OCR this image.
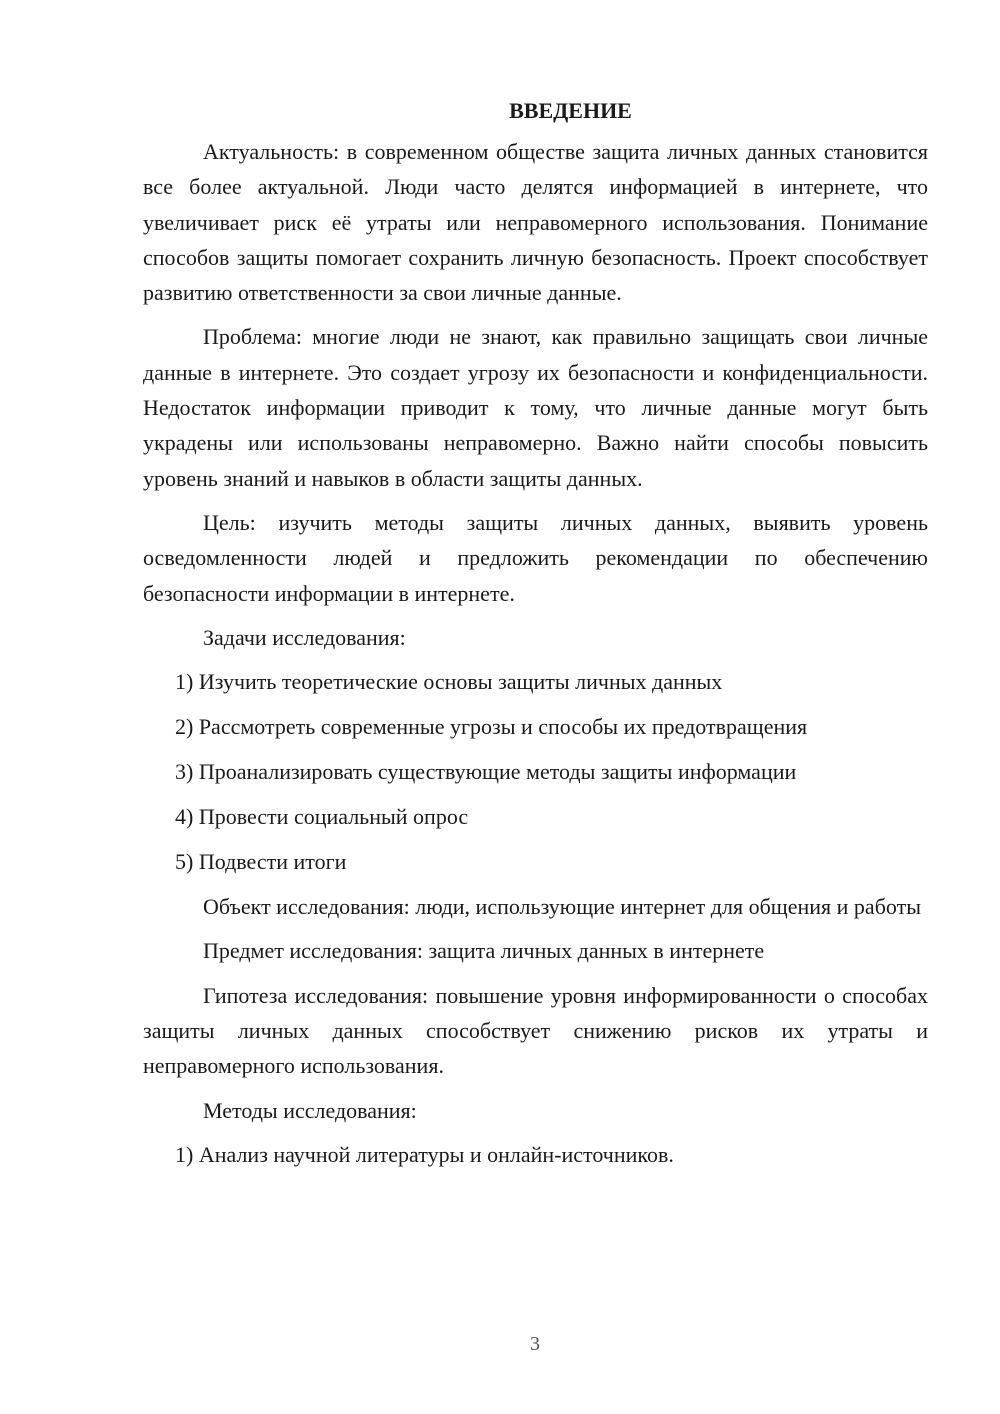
ВВЕДЕНИЕ

Актуальность: в современном обществе защита личных данных становится все более актуальной. Люди часто делятся информацией в интернете, что увеличивает риск её утраты или неправомерного использования. Понимание способов защиты помогает сохранить личную безопасность. Проект способствует развитию ответственности за свои личные данные.

Проблема: многие люди не знают, как правильно защищать свои личные данные в интернете. Это создает угрозу их безопасности и конфиденциальности. Недостаток информации приводит к тому, что личные данные могут быть украдены или использованы неправомерно. Важно найти способы повысить уровень знаний и навыков в области защиты данных.

Цель: изучить методы защиты личных данных, выявить уровень осведомленности людей и предложить рекомендации по обеспечению безопасности информации в интернете.

Задачи исследования:

1) Изучить теоретические основы защиты личных данных
2) Рассмотреть современные угрозы и способы их предотвращения
3) Проанализировать существующие методы защиты информации
4) Провести социальный опрос
5) Подвести итоги

Объект исследования: люди, использующие интернет для общения и работы

Предмет исследования: защита личных данных в интернете

Гипотеза исследования: повышение уровня информированности о способах защиты личных данных способствует снижению рисков их утраты и неправомерного использования.

Методы исследования:

1) Анализ научной литературы и онлайн-источников.
3
